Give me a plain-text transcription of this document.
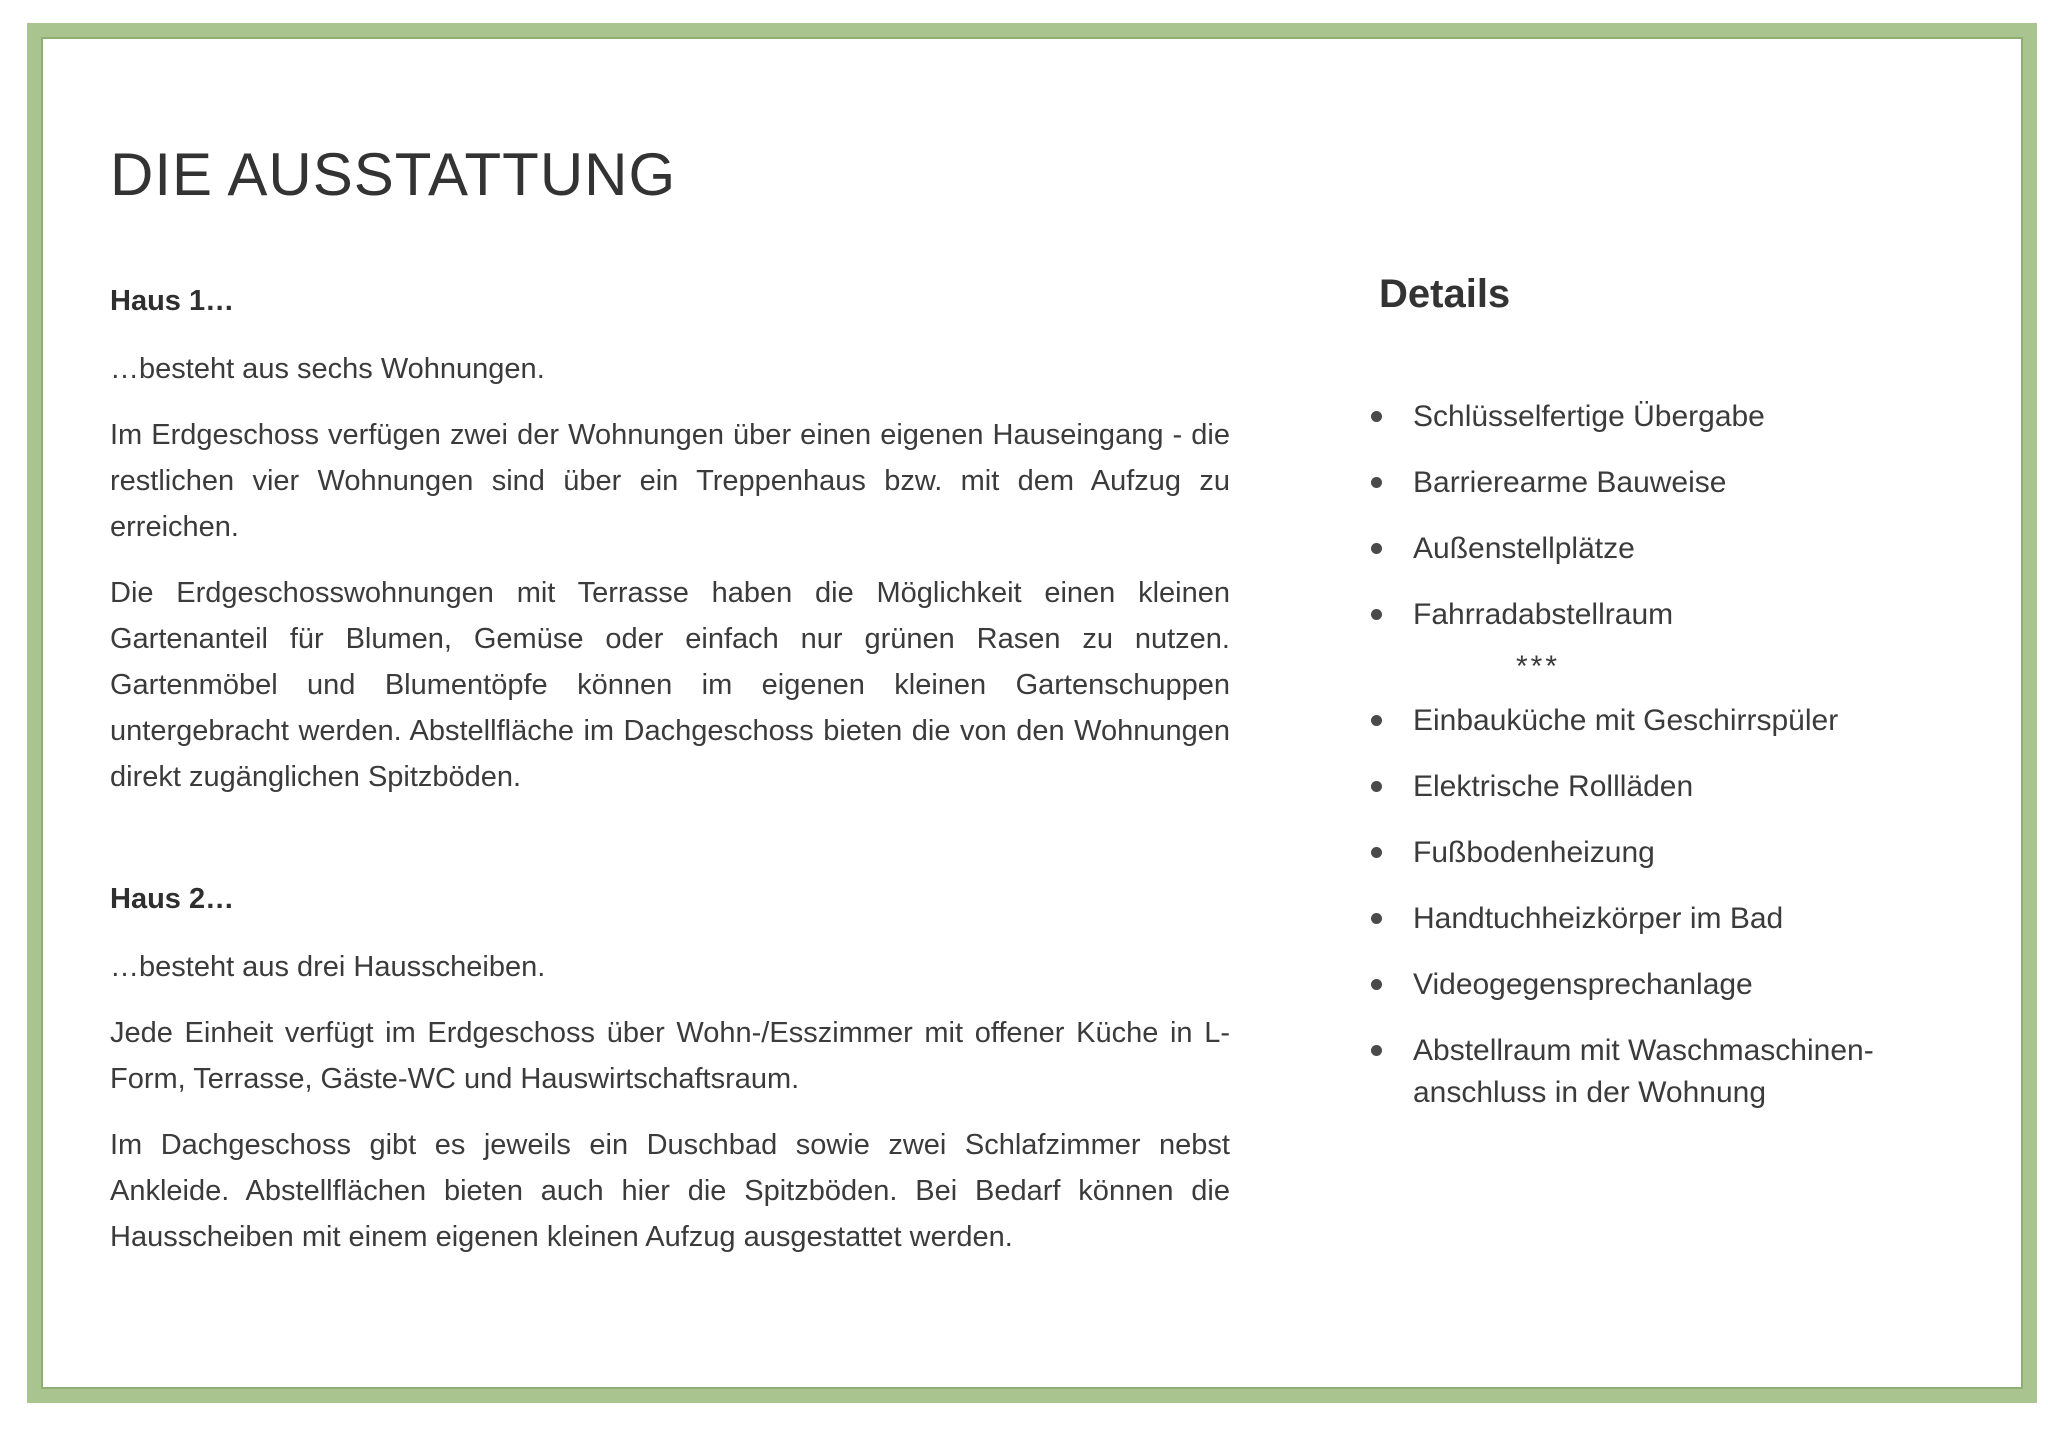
DIE AUSSTATTUNG
Haus 1…

…besteht aus sechs Wohnungen.

Im Erdgeschoss verfügen zwei der Wohnungen über einen eigenen Hauseingang - die restlichen vier Wohnungen sind über ein Treppenhaus bzw. mit dem Aufzug zu erreichen.

Die Erdgeschosswohnungen mit Terrasse haben die Möglichkeit einen kleinen Gartenanteil für Blumen, Gemüse oder einfach nur grünen Rasen zu nutzen. Gartenmöbel und Blumentöpfe können im eigenen kleinen Gartenschuppen untergebracht werden. Abstellfläche im Dachgeschoss bieten die von den Wohnungen direkt zugänglichen Spitzböden.

Haus 2…

…besteht aus drei Hausscheiben.

Jede Einheit verfügt im Erdgeschoss über Wohn-/Esszimmer mit offener Küche in L-Form, Terrasse, Gäste-WC und Hauswirtschaftsraum.

Im Dachgeschoss gibt es jeweils ein Duschbad sowie zwei Schlafzimmer nebst Ankleide. Abstellflächen bieten auch hier die Spitzböden. Bei Bedarf können die Hausscheiben mit einem eigenen kleinen Aufzug ausgestattet werden.

Details
Schlüsselfertige Übergabe
Barrierearme Bauweise
Außenstellplätze
Fahrradabstellraum
***
Einbauküche mit Geschirrspüler
Elektrische Rollläden
Fußbodenheizung
Handtuchheizkörper im Bad
Videogegensprechanlage
Abstellraum mit Waschmaschinen-anschluss in der Wohnung
